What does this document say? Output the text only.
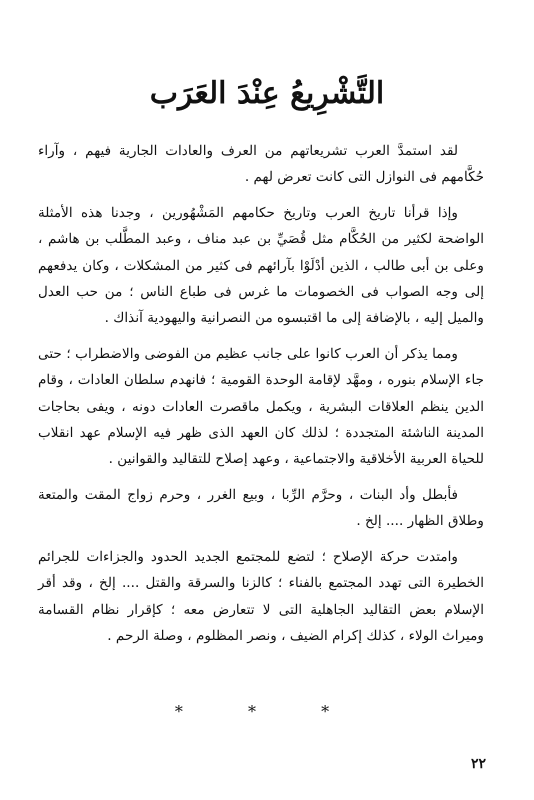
التَّشْرِيعُ عِنْدَ العَرَب

لقد استمدَّ العرب تشريعاتهم من العرف والعادات الجارية فيهم ، وآراء حُكَّامهم فى النوازل التى كانت تعرض لهم .

وإذا قرأنا تاريخ العرب وتاريخ حكامهم المَشْهُورين ، وجدنا هذه الأمثلة الواضحة لكثير من الحُكَّام مثل قُصَيِّ بن عبد مناف ، وعبد المطَّلب بن هاشم ، وعلى بن أبى طالب ، الذين أدْلَوْا بآرائهم فى كثير من المشكلات ، وكان يدفعهم إلى وجه الصواب فى الخصومات ما غرس فى طباع الناس ؛ من حب العدل والميل إليه ، بالإضافة إلى ما اقتبسوه من النصرانية واليهودية آنذاك .

ومما يذكر أن العرب كانوا على جانب عظيم من الفوضى والاضطراب ؛ حتى جاء الإسلام بنوره ، ومهَّد لإقامة الوحدة القومية ؛ فانهدم سلطان العادات ، وقام الدين ينظم العلاقات البشرية ، ويكمل ماقصرت العادات دونه ، ويفى بحاجات المدينة الناشئة المتجددة ؛ لذلك كان العهد الذى ظهر فيه الإسلام عهد انقلاب للحياة العربية الأخلاقية والاجتماعية ، وعهد إصلاح للتقاليد والقوانين .

فأبطل وأد البنات ، وحرَّم الرِّبا ، وبيع الغرر ، وحرم زواج المقت والمتعة وطلاق الظهار .... إلخ .

وامتدت حركة الإصلاح ؛ لتضع للمجتمع الجديد الحدود والجزاءات للجرائم الخطيرة التى تهدد المجتمع بالفناء ؛ كالزنا والسرقة والقتل .... إلخ ، وقد أقر الإسلام بعض التقاليد الجاهلية التى لا تتعارض معه ؛ كإقرار نظام القسامة وميراث الولاء ، كذلك إكرام الضيف ، ونصر المظلوم ، وصلة الرحم .

* * *
٢٢
